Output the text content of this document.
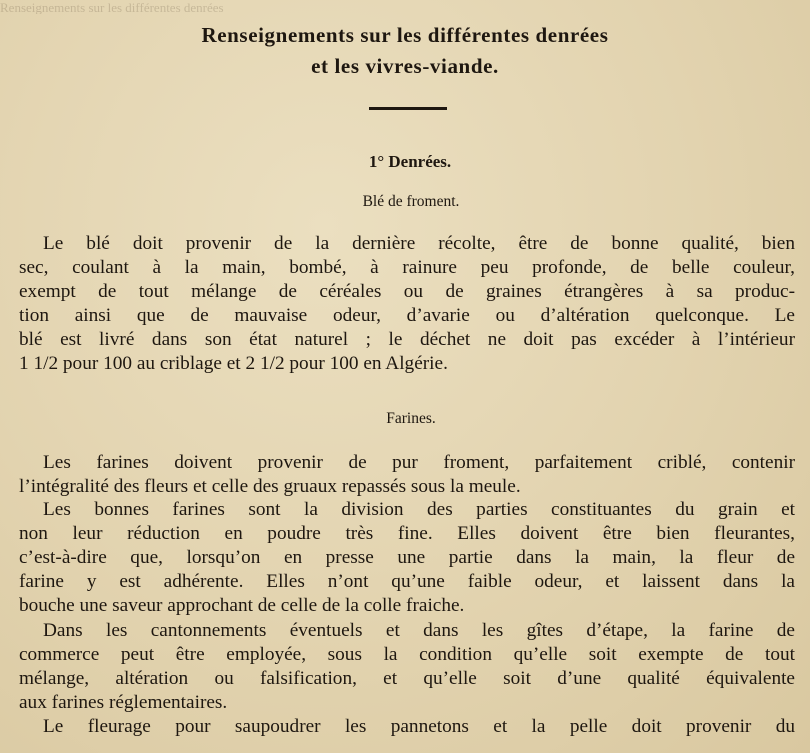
Renseignements sur les différentes denrées
Renseignements sur les différentes denrées
et les vivres-viande.
1° Denrées.
Blé de froment.
Le blé doit provenir de la dernière récolte, être de bonne qualité, bien
sec, coulant à la main, bombé, à rainure peu profonde, de belle couleur,
exempt de tout mélange de céréales ou de graines étrangères à sa produc-
tion ainsi que de mauvaise odeur, d’avarie ou d’altération quelconque. Le
blé est livré dans son état naturel ; le déchet ne doit pas excéder à l’intérieur
1 1/2 pour 100 au criblage et 2 1/2 pour 100 en Algérie.
Farines.
Les farines doivent provenir de pur froment, parfaitement criblé, contenir
l’intégralité des fleurs et celle des gruaux repassés sous la meule.
Les bonnes farines sont la division des parties constituantes du grain et
non leur réduction en poudre très fine. Elles doivent être bien fleurantes,
c’est-à-dire que, lorsqu’on en presse une partie dans la main, la fleur de
farine y est adhérente. Elles n’ont qu’une faible odeur, et laissent dans la
bouche une saveur approchant de celle de la colle fraiche.
Dans les cantonnements éventuels et dans les gîtes d’étape, la farine de
commerce peut être employée, sous la condition qu’elle soit exempte de tout
mélange, altération ou falsification, et qu’elle soit d’une qualité équivalente
aux farines réglementaires.
Le fleurage pour saupoudrer les pannetons et la pelle doit provenir du
